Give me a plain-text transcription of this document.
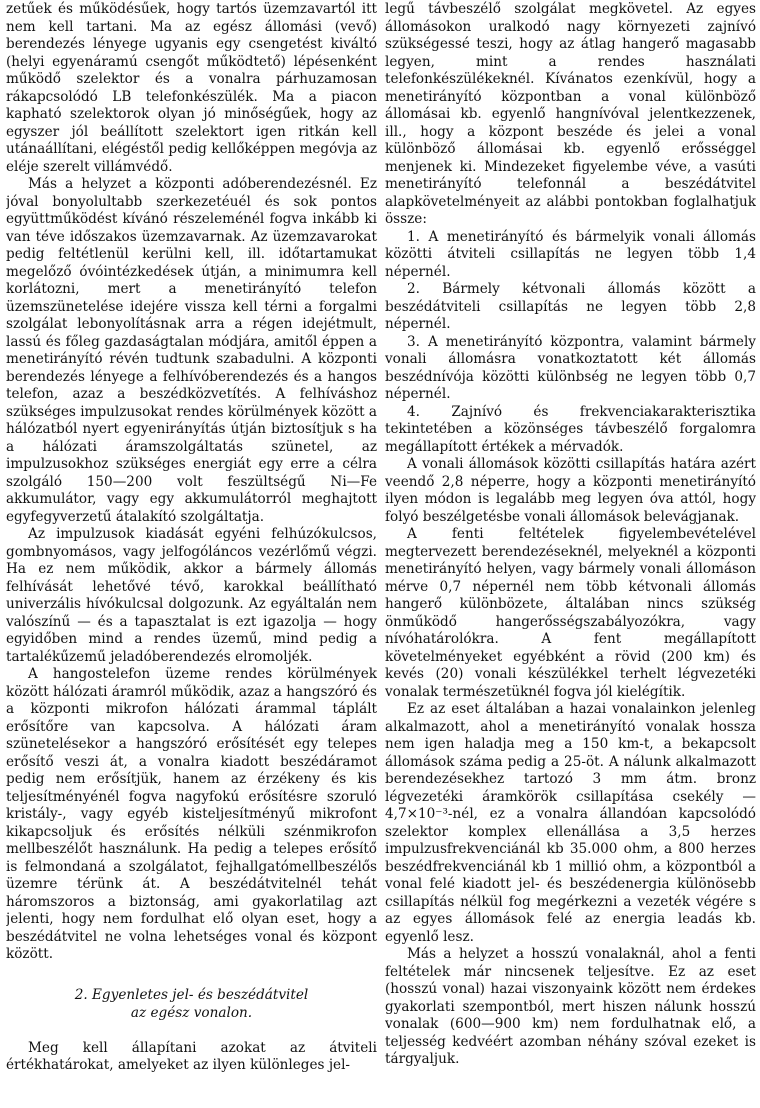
zetűek és működésűek, hogy tartós üzemzavartól itt nem kell tartani. Ma az egész állomási (vevő) berendezés lényege ugyanis egy csengetést kiváltó (helyi egyenáramú csengőt működtető) lépésenként működő szelektor és a vonalra párhuzamosan rákapcsolódó LB telefonkészülék. Ma a piacon kapható szelektorok olyan jó minőségűek, hogy az egyszer jól beállított szelektort igen ritkán kell utánaállítani, elégéstől pedig kellőképpen megóvja az eléje szerelt villámvédő.

Más a helyzet a központi adóberendezésnél. Ez jóval bonyolultabb szerkezetéuél és sok pontos együttműködést kívánó részeleménél fogva inkább ki van téve időszakos üzemzavarnak. Az üzemzavarokat pedig feltétlenül kerülni kell, ill. időtartamukat megelőző óvóintézkedések útján, a minimumra kell korlátozni, mert a menetirányító telefon üzemszünetelése idejére vissza kell térni a forgalmi szolgálat lebonyolításnak arra a régen idejétmult, lassú és főleg gazdaságtalan módjára, amitől éppen a menetirányító révén tudtunk szabadulni. A központi berendezés lényege a felhívóberendezés és a hangos telefon, azaz a beszédközvetítés. A felhíváshoz szükséges impulzusokat rendes körülmények között a hálózatból nyert egyenirányítás útján biztosítjuk s ha a hálózati áramszolgáltatás szünetel, az impulzusokhoz szükséges energiát egy erre a célra szolgáló 150—200 volt feszültségű Ni—Fe akkumulátor, vagy egy akkumulátorról meghajtott egyfegyverzetű átalakító szolgáltatja.

Az impulzusok kiadását egyéni felhúzókulcsos, gombnyomásos, vagy jelfogóláncos vezérlőmű végzi. Ha ez nem működik, akkor a bármely állomás felhívását lehetővé tévő, karokkal beállítható univerzális hívókulcsal dolgozunk. Az egyáltalán nem valószínű — és a tapasztalat is ezt igazolja — hogy egyidőben mind a rendes üzemű, mind pedig a tartalékűzemű jeladóberendezés elromoljék.

A hangostelefon üzeme rendes körülmények között hálózati áramról működik, azaz a hangszóró és a központi mikrofon hálózati árammal táplált erősítőre van kapcsolva. A hálózati áram szünetelésekor a hangszóró erősítését egy telepes erősítő veszi át, a vonalra kiadott beszédáramot pedig nem erősítjük, hanem az érzékeny és kis teljesítményénél fogva nagyfokú erősítésre szoruló kristály-, vagy egyéb kisteljesítményű mikrofont kikapcsoljuk és erősítés nélküli szénmikrofon mellbeszélőt használunk. Ha pedig a telepes erősítő is felmondaná a szolgálatot, fejhallgatómellbeszélős üzemre térünk át. A beszédátvitelnél tehát háromszoros a biztonság, ami gyakorlatilag azt jelenti, hogy nem fordulhat elő olyan eset, hogy a beszédátvitel ne volna lehetséges vonal és központ között.

2. Egyenletes jel- és beszédátvitel
az egész vonalon.

Meg kell állapítani azokat az átviteli értékhatárokat, amelyeket az ilyen különleges jel-

legű távbeszélő szolgálat megkövetel. Az egyes állomásokon uralkodó nagy környezeti zajnívó szükségessé teszi, hogy az átlag hangerő magasabb legyen, mint a rendes használati telefonkészülékeknél. Kívánatos ezenkívül, hogy a menetirányító központban a vonal különböző állomásai kb. egyenlő hangnívóval jelentkezzenek, ill., hogy a központ beszéde és jelei a vonal különböző állomásai kb. egyenlő erősséggel menjenek ki. Mindezeket figyelembe véve, a vasúti menetirányító telefonnál a beszédátvitel alapkövetelményeit az alábbi pontokban foglalhatjuk össze:

1. A menetirányító és bármelyik vonali állomás közötti átviteli csillapítás ne legyen több 1,4 népernél.
2. Bármely kétvonali állomás között a beszédátviteli csillapítás ne legyen több 2,8 népernél.
3. A menetirányító központra, valamint bármely vonali állomásra vonatkoztatott két állomás beszédnívója közötti különbség ne legyen több 0,7 népernél.
4. Zajnívó és frekvenciakarakterisztika tekintetében a közönséges távbeszélő forgalomra megállapított értékek a mérvadók.

A vonali állomások közötti csillapítás határa azért veendő 2,8 néperre, hogy a központi menetirányító ilyen módon is legalább meg legyen óva attól, hogy folyó beszélgetésbe vonali állomások belevágjanak.

A fenti feltételek figyelembevételével megtervezett berendezéseknél, melyeknél a központi menetirányító helyen, vagy bármely vonali állomáson mérve 0,7 népernél nem több kétvonali állomás hangerő különbözete, általában nincs szükség önműködő hangerősségszabályozókra, vagy nívóhatárolókra. A fent megállapított követelményeket egyébként a rövid (200 km) és kevés (20) vonali készülékkel terhelt légvezetéki vonalak természetüknél fogva jól kielégítik.

Ez az eset általában a hazai vonalainkon jelenleg alkalmazott, ahol a menetirányító vonalak hossza nem igen haladja meg a 150 km-t, a bekapcsolt állomások száma pedig a 25-öt. A nálunk alkalmazott berendezésekhez tartozó 3 mm átm. bronz légvezetéki áramkörök csillapítása csekély — 4,7×10⁻³-nél, ez a vonalra állandóan kapcsolódó szelektor komplex ellenállása a 3,5 herzes impulzusfrekvenciánál kb 35.000 ohm, a 800 herzes beszédfrekvenciánál kb 1 millió ohm, a központból a vonal felé kiadott jel- és beszédenergia különösebb csillapítás nélkül fog megérkezni a vezeték végére s az egyes állomások felé az energia leadás kb. egyenlő lesz.

Más a helyzet a hosszú vonalaknál, ahol a fenti feltételek már nincsenek teljesítve. Ez az eset (hosszú vonal) hazai viszonyaink között nem érdekes gyakorlati szempontból, mert hiszen nálunk hosszú vonalak (600—900 km) nem fordulhatnak elő, a teljesség kedvéért azomban néhány szóval ezeket is tárgyaljuk.
